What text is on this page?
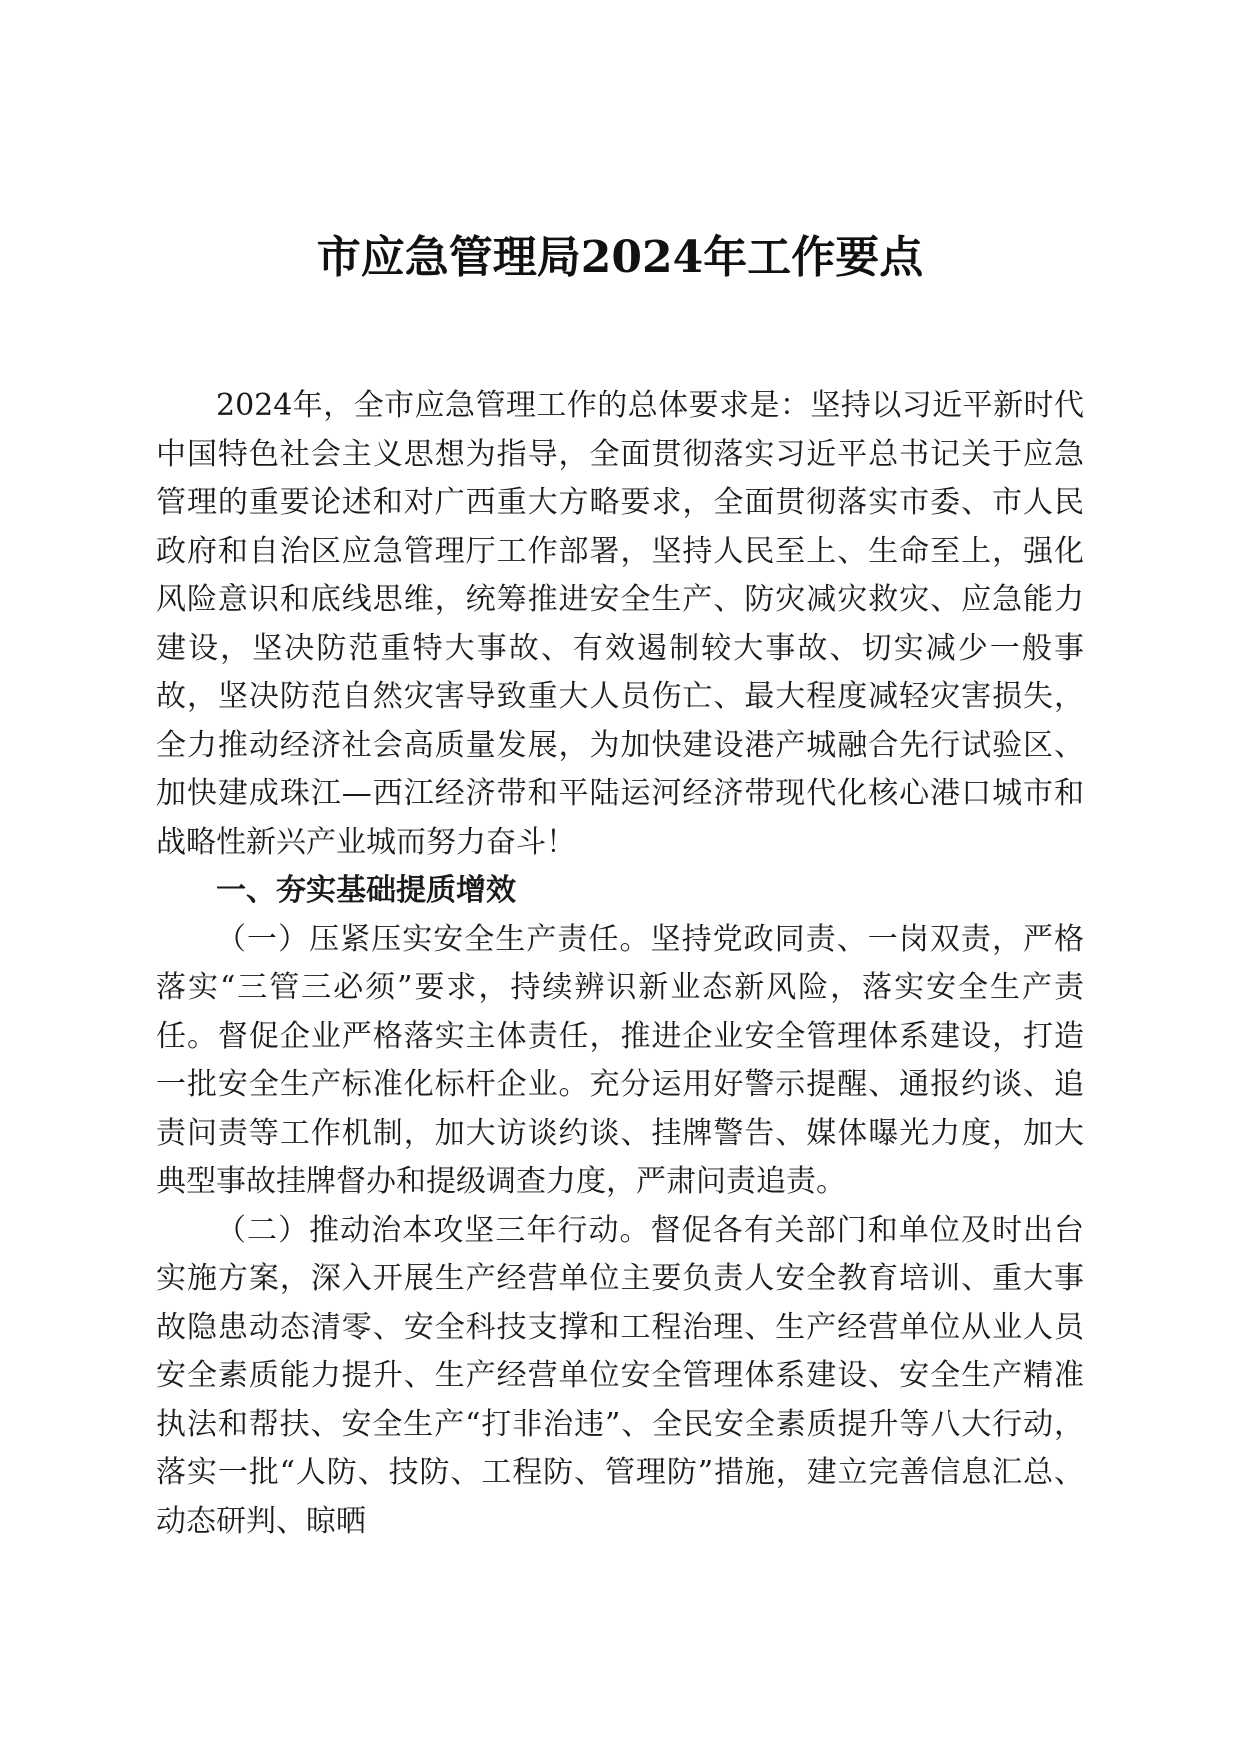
市应急管理局2024年工作要点

2024年，全市应急管理工作的总体要求是：坚持以习近平新时代中国特色社会主义思想为指导，全面贯彻落实习近平总书记关于应急管理的重要论述和对广西重大方略要求，全面贯彻落实市委、市人民政府和自治区应急管理厅工作部署，坚持人民至上、生命至上，强化风险意识和底线思维，统筹推进安全生产、防灾减灾救灾、应急能力建设，坚决防范重特大事故、有效遏制较大事故、切实减少一般事故，坚决防范自然灾害导致重大人员伤亡、最大程度减轻灾害损失，全力推动经济社会高质量发展，为加快建设港产城融合先行试验区、加快建成珠江—西江经济带和平陆运河经济带现代化核心港口城市和战略性新兴产业城而努力奋斗！

一、夯实基础提质增效

（一）压紧压实安全生产责任。坚持党政同责、一岗双责，严格落实“三管三必须”要求，持续辨识新业态新风险，落实安全生产责任。督促企业严格落实主体责任，推进企业安全管理体系建设，打造一批安全生产标准化标杆企业。充分运用好警示提醒、通报约谈、追责问责等工作机制，加大访谈约谈、挂牌警告、媒体曝光力度，加大典型事故挂牌督办和提级调查力度，严肃问责追责。

（二）推动治本攻坚三年行动。督促各有关部门和单位及时出台实施方案，深入开展生产经营单位主要负责人安全教育培训、重大事故隐患动态清零、安全科技支撑和工程治理、生产经营单位从业人员安全素质能力提升、生产经营单位安全管理体系建设、安全生产精准执法和帮扶、安全生产“打非治违”、全民安全素质提升等八大行动，落实一批“人防、技防、工程防、管理防”措施，建立完善信息汇总、动态研判、晾晒
